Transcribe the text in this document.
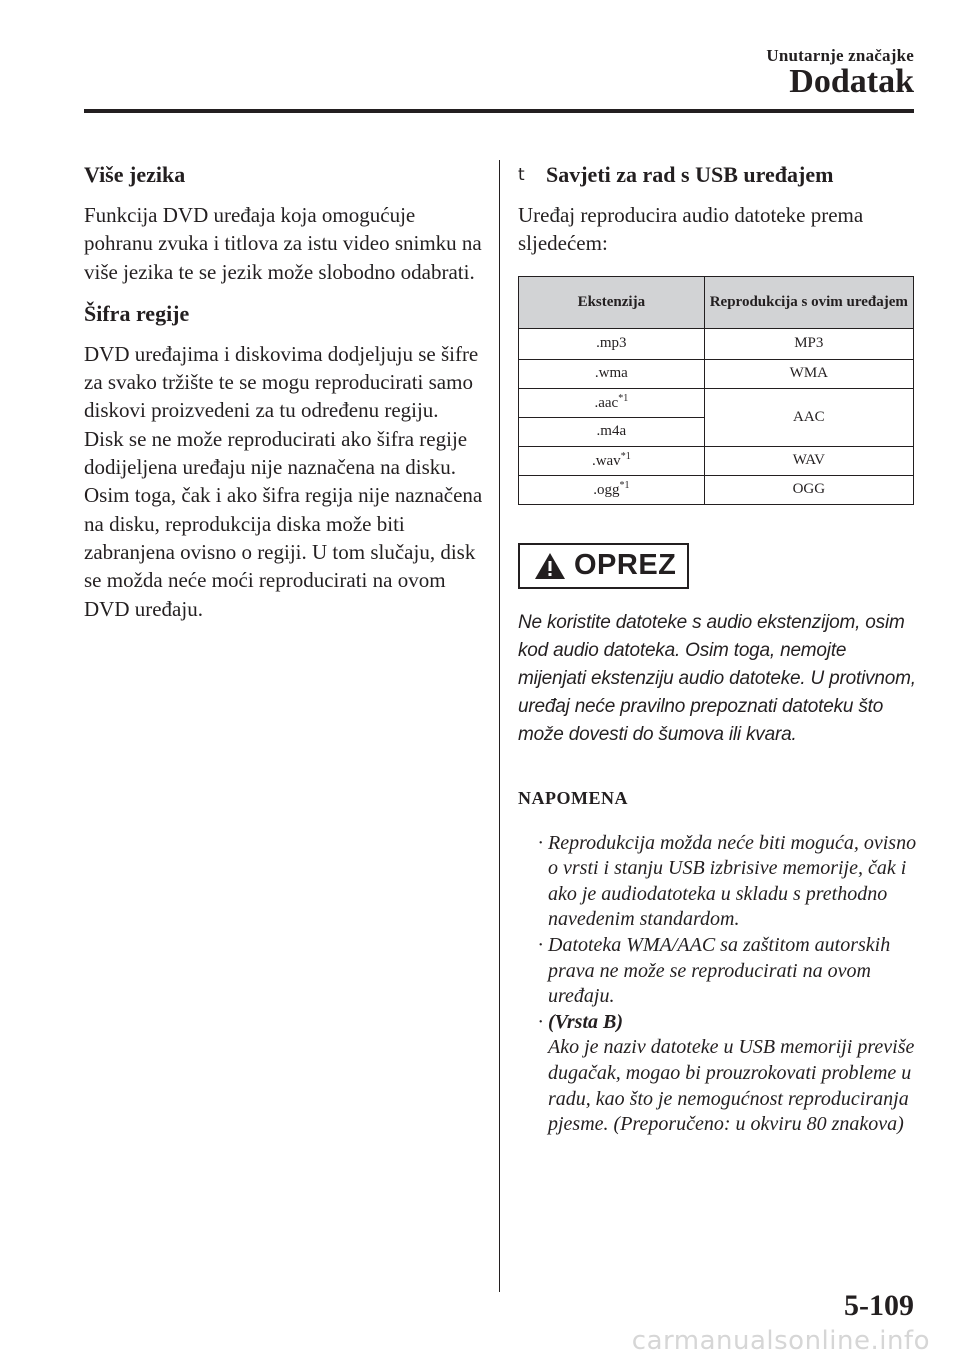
Unutarnje značajke
Dodatak

Više jezika

Funkcija DVD uređaja koja omogućuje pohranu zvuka i titlova za istu video snimku na više jezika te se jezik može slobodno odabrati.

Šifra regije

DVD uređajima i diskovima dodjeljuju se šifre za svako tržište te se mogu reproducirati samo diskovi proizvedeni za tu određenu regiju.

Disk se ne može reproducirati ako šifra regije dodijeljena uređaju nije naznačena na disku.

Osim toga, čak i ako šifra regija nije naznačena na disku, reprodukcija diska može biti zabranjena ovisno o regiji. U tom slučaju, disk se možda neće moći reproducirati na ovom DVD uređaju.

t Savjeti za rad s USB uređajem

Uređaj reproducira audio datoteke prema sljedećem:

Ekstenzija	Reprodukcija s ovim uređajem
.mp3	MP3
.wma	WMA
.aac$^{*1}$	AAC
.m4a	
.wav$^{*1}$	WAV
.ogg$^{*1}$	OGG
OPREZ
Ne koristite datoteke s audio ekstenzijom, osim kod audio datoteka. Osim toga, nemojte mijenjati ekstenziju audio datoteke. U protivnom, uređaj neće pravilno prepoznati datoteku što može dovesti do šumova ili kvara.
NAPOMENA
· Reprodukcija možda neće biti moguća, ovisno o vrsti i stanju USB izbrisive memorije, čak i ako je audiodatoteka u skladu s prethodno navedenim standardom.
· Datoteka WMA/AAC sa zaštitom autorskih prava ne može se reproducirati na ovom uređaju.
· (Vrsta B)
Ako je naziv datoteke u USB memoriji previše dugačak, mogao bi prouzrokovati probleme u radu, kao što je nemogućnost reproduciranja pjesme. (Preporučeno: u okviru 80 znakova)
5-109
carmanualsonline.info
